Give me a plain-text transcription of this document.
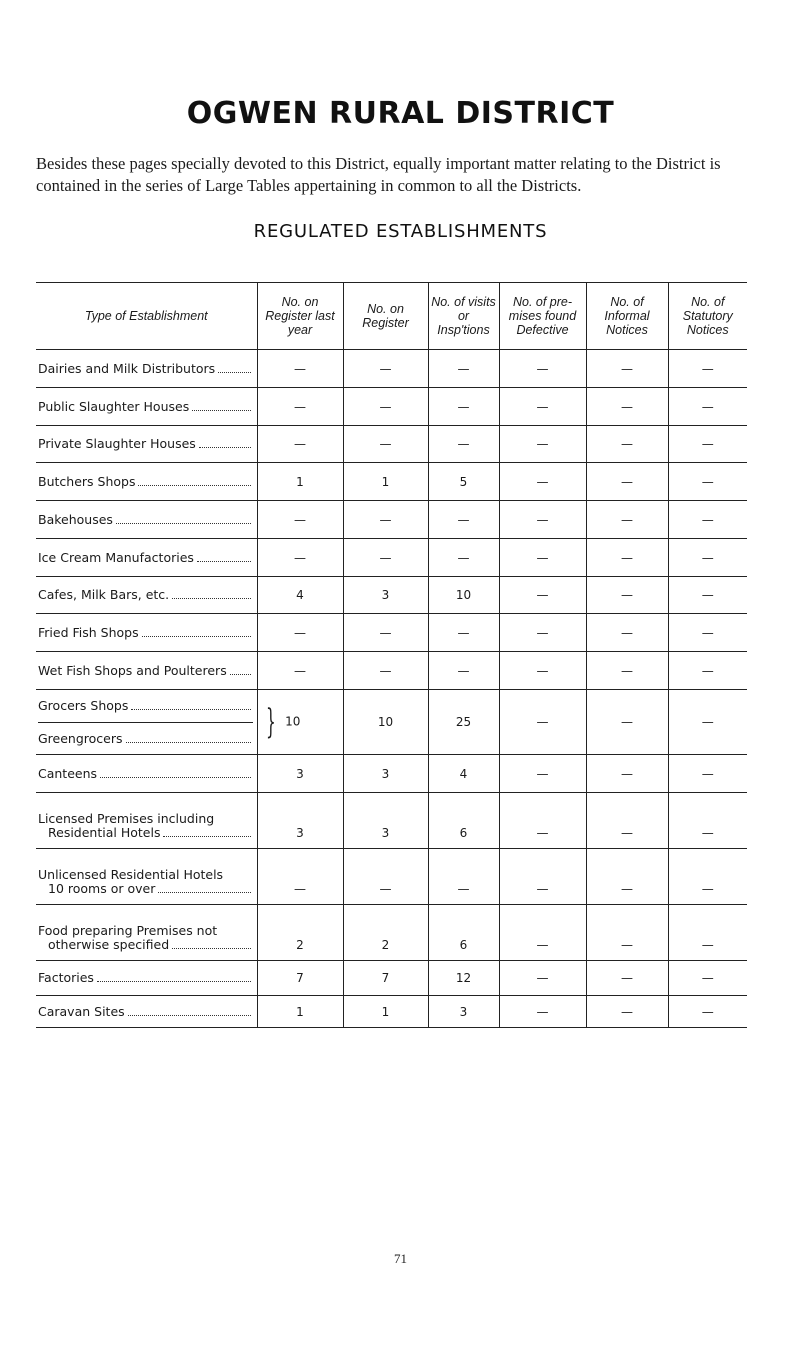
OGWEN RURAL DISTRICT
Besides these pages specially devoted to this District, equally important matter relating to the District is contained in the series of Large Tables appertaining in common to all the Districts.
REGULATED ESTABLISHMENTS
Type of Establishment	No. on Register last year	No. on Register	No. of visits or Insp'tions	No. of pre-mises found Defective	No. of Informal Notices	No. of Statutory Notices

Dairies and Milk Distributors	—	—	—	—	—	—

Public Slaughter Houses	—	—	—	—	—	—

Private Slaughter Houses	—	—	—	—	—	—

Butchers Shops	1	1	5	—	—	—

Bakehouses	—	—	—	—	—	—

Ice Cream Manufactories	—	—	—	—	—	—

Cafes, Milk Bars, etc.	4	3	10	—	—	—

Fried Fish Shops	—	—	—	—	—	—

Wet Fish Shops and Poulterers	—	—	—	—	—	—

Grocers Shops
Greengrocers	} 10	10	25	—	—	—

Canteens	3	3	4	—	—	—

Licensed Premises including
Residential Hotels	3	3	6	—	—	—

Unlicensed Residential Hotels
10 rooms or over	—	—	—	—	—	—

Food preparing Premises not
otherwise specified	2	2	6	—	—	—

Factories	7	7	12	—	—	—

Caravan Sites	1	1	3	—	—	—
71
